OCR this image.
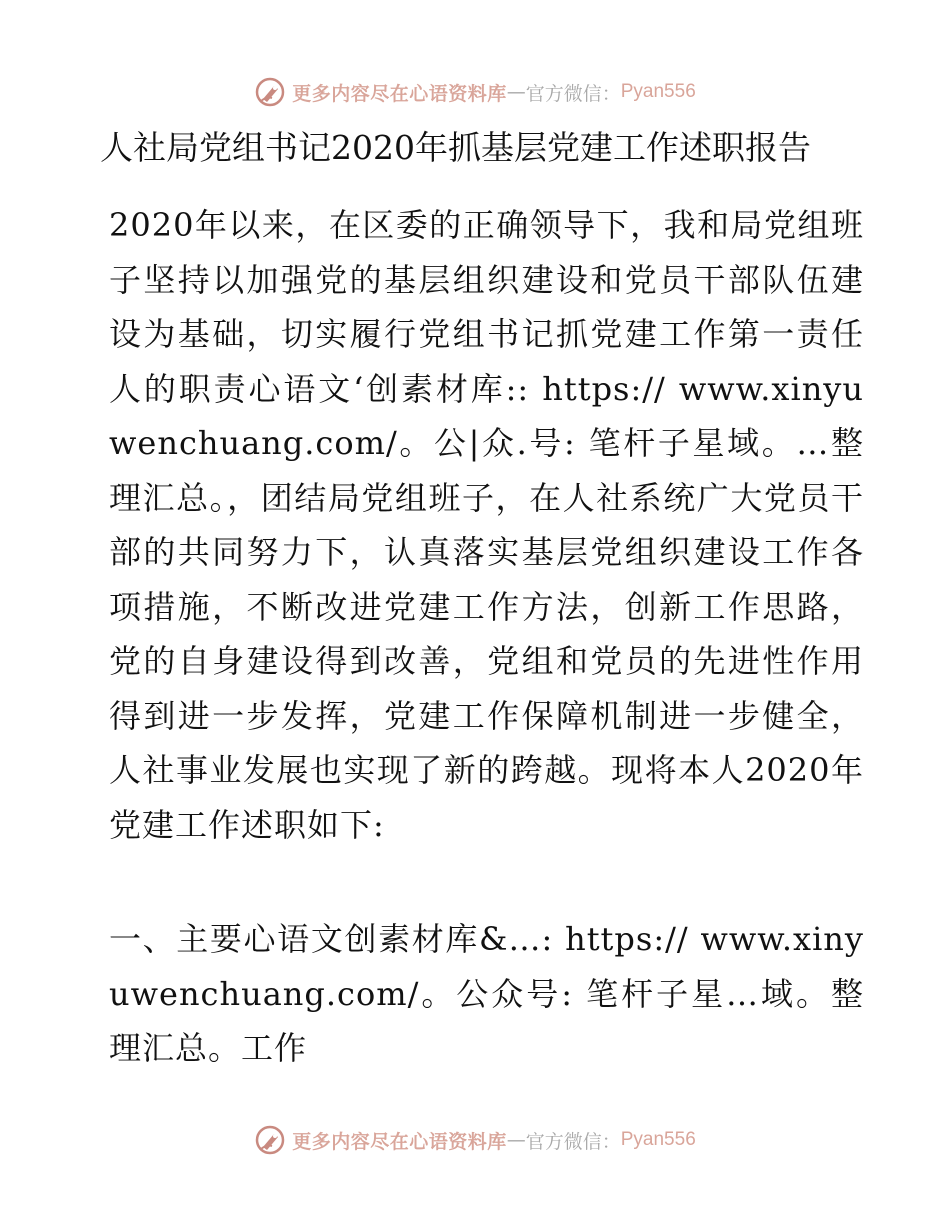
更多内容尽在心语资料库 — 官方微信： Pyan556
人社局党组书记2020年抓基层党建工作述职报告

2020年以来，在区委的正确领导下，我和局党组班子坚持以加强党的基层组织建设和党员干部队伍建设为基础，切实履行党组书记抓党建工作第一责任人的职责心语文‘创素材库:: https:// www.xinyuwenchuang.com/。公|众.号: 笔杆子星域。…整理汇总。，团结局党组班子，在人社系统广大党员干部的共同努力下，认真落实基层党组织建设工作各项措施，不断改进党建工作方法，创新工作思路，党的自身建设得到改善，党组和党员的先进性作用得到进一步发挥，党建工作保障机制进一步健全，人社事业发展也实现了新的跨越。现将本人2020年党建工作述职如下:

一、主要心语文创素材库&…: https:// www.xinyuwenchuang.com/。公众号: 笔杆子星…域。整理汇总。工作

更多内容尽在心语资料库 — 官方微信： Pyan556
